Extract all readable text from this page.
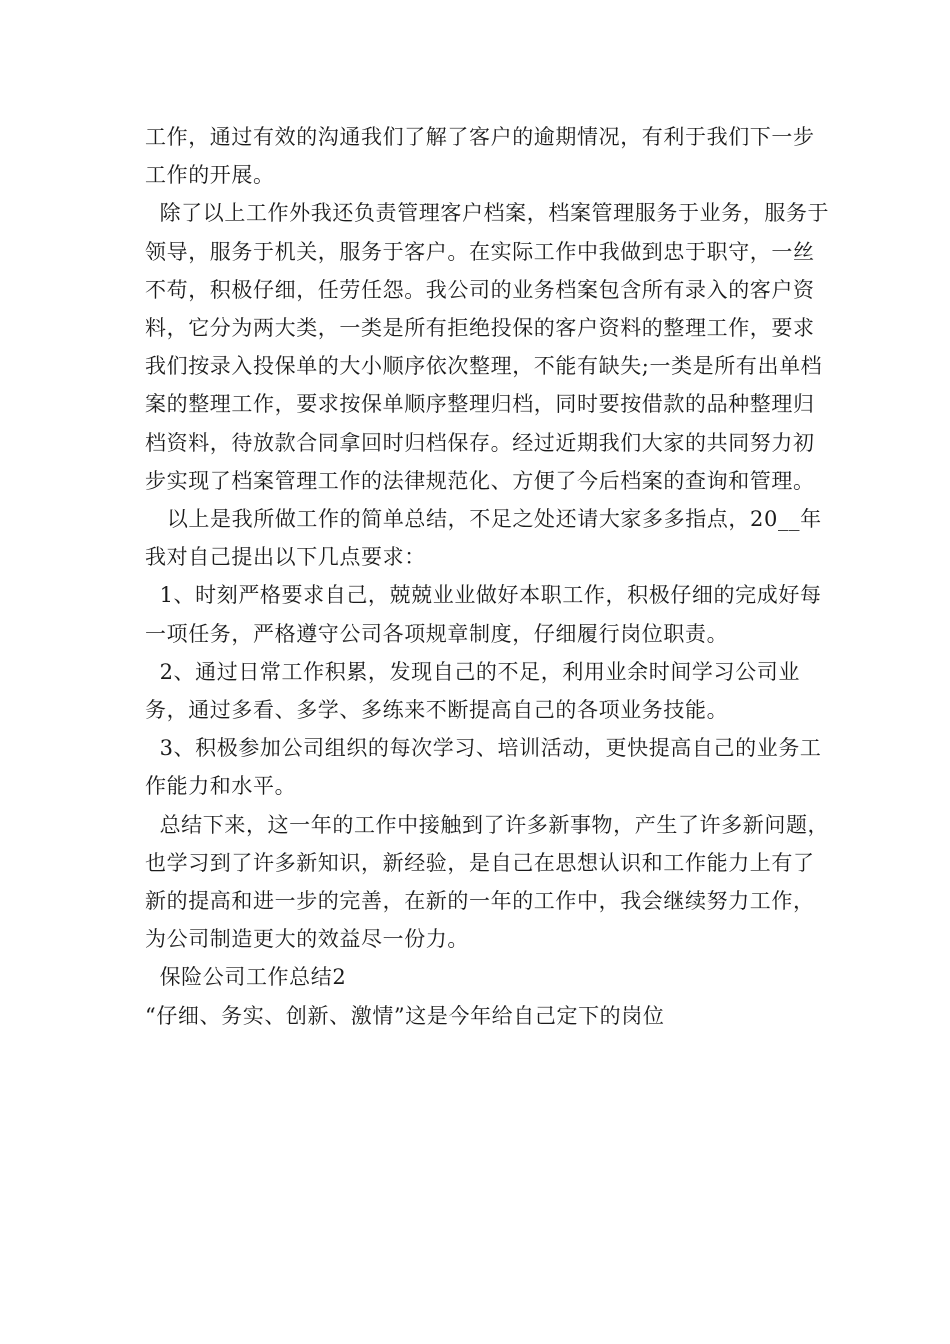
工作，通过有效的沟通我们了解了客户的逾期情况，有利于我们下一步工作的开展。

除了以上工作外我还负责管理客户档案，档案管理服务于业务，服务于领导，服务于机关，服务于客户。在实际工作中我做到忠于职守，一丝不苟，积极仔细，任劳任怨。我公司的业务档案包含所有录入的客户资料，它分为两大类，一类是所有拒绝投保的客户资料的整理工作，要求我们按录入投保单的大小顺序依次整理，不能有缺失;一类是所有出单档案的整理工作，要求按保单顺序整理归档，同时要按借款的品种整理归档资料，待放款合同拿回时归档保存。经过近期我们大家的共同努力初步实现了档案管理工作的法律规范化、方便了今后档案的查询和管理。

以上是我所做工作的简单总结，不足之处还请大家多多指点，20__年我对自己提出以下几点要求：

1、时刻严格要求自己，兢兢业业做好本职工作，积极仔细的完成好每一项任务，严格遵守公司各项规章制度，仔细履行岗位职责。

2、通过日常工作积累，发现自己的不足，利用业余时间学习公司业务，通过多看、多学、多练来不断提高自己的各项业务技能。

3、积极参加公司组织的每次学习、培训活动，更快提高自己的业务工作能力和水平。

总结下来，这一年的工作中接触到了许多新事物，产生了许多新问题，也学习到了许多新知识，新经验，是自己在思想认识和工作能力上有了新的提高和进一步的完善，在新的一年的工作中，我会继续努力工作，为公司制造更大的效益尽一份力。

保险公司工作总结2

“仔细、务实、创新、激情”这是今年给自己定下的岗位
